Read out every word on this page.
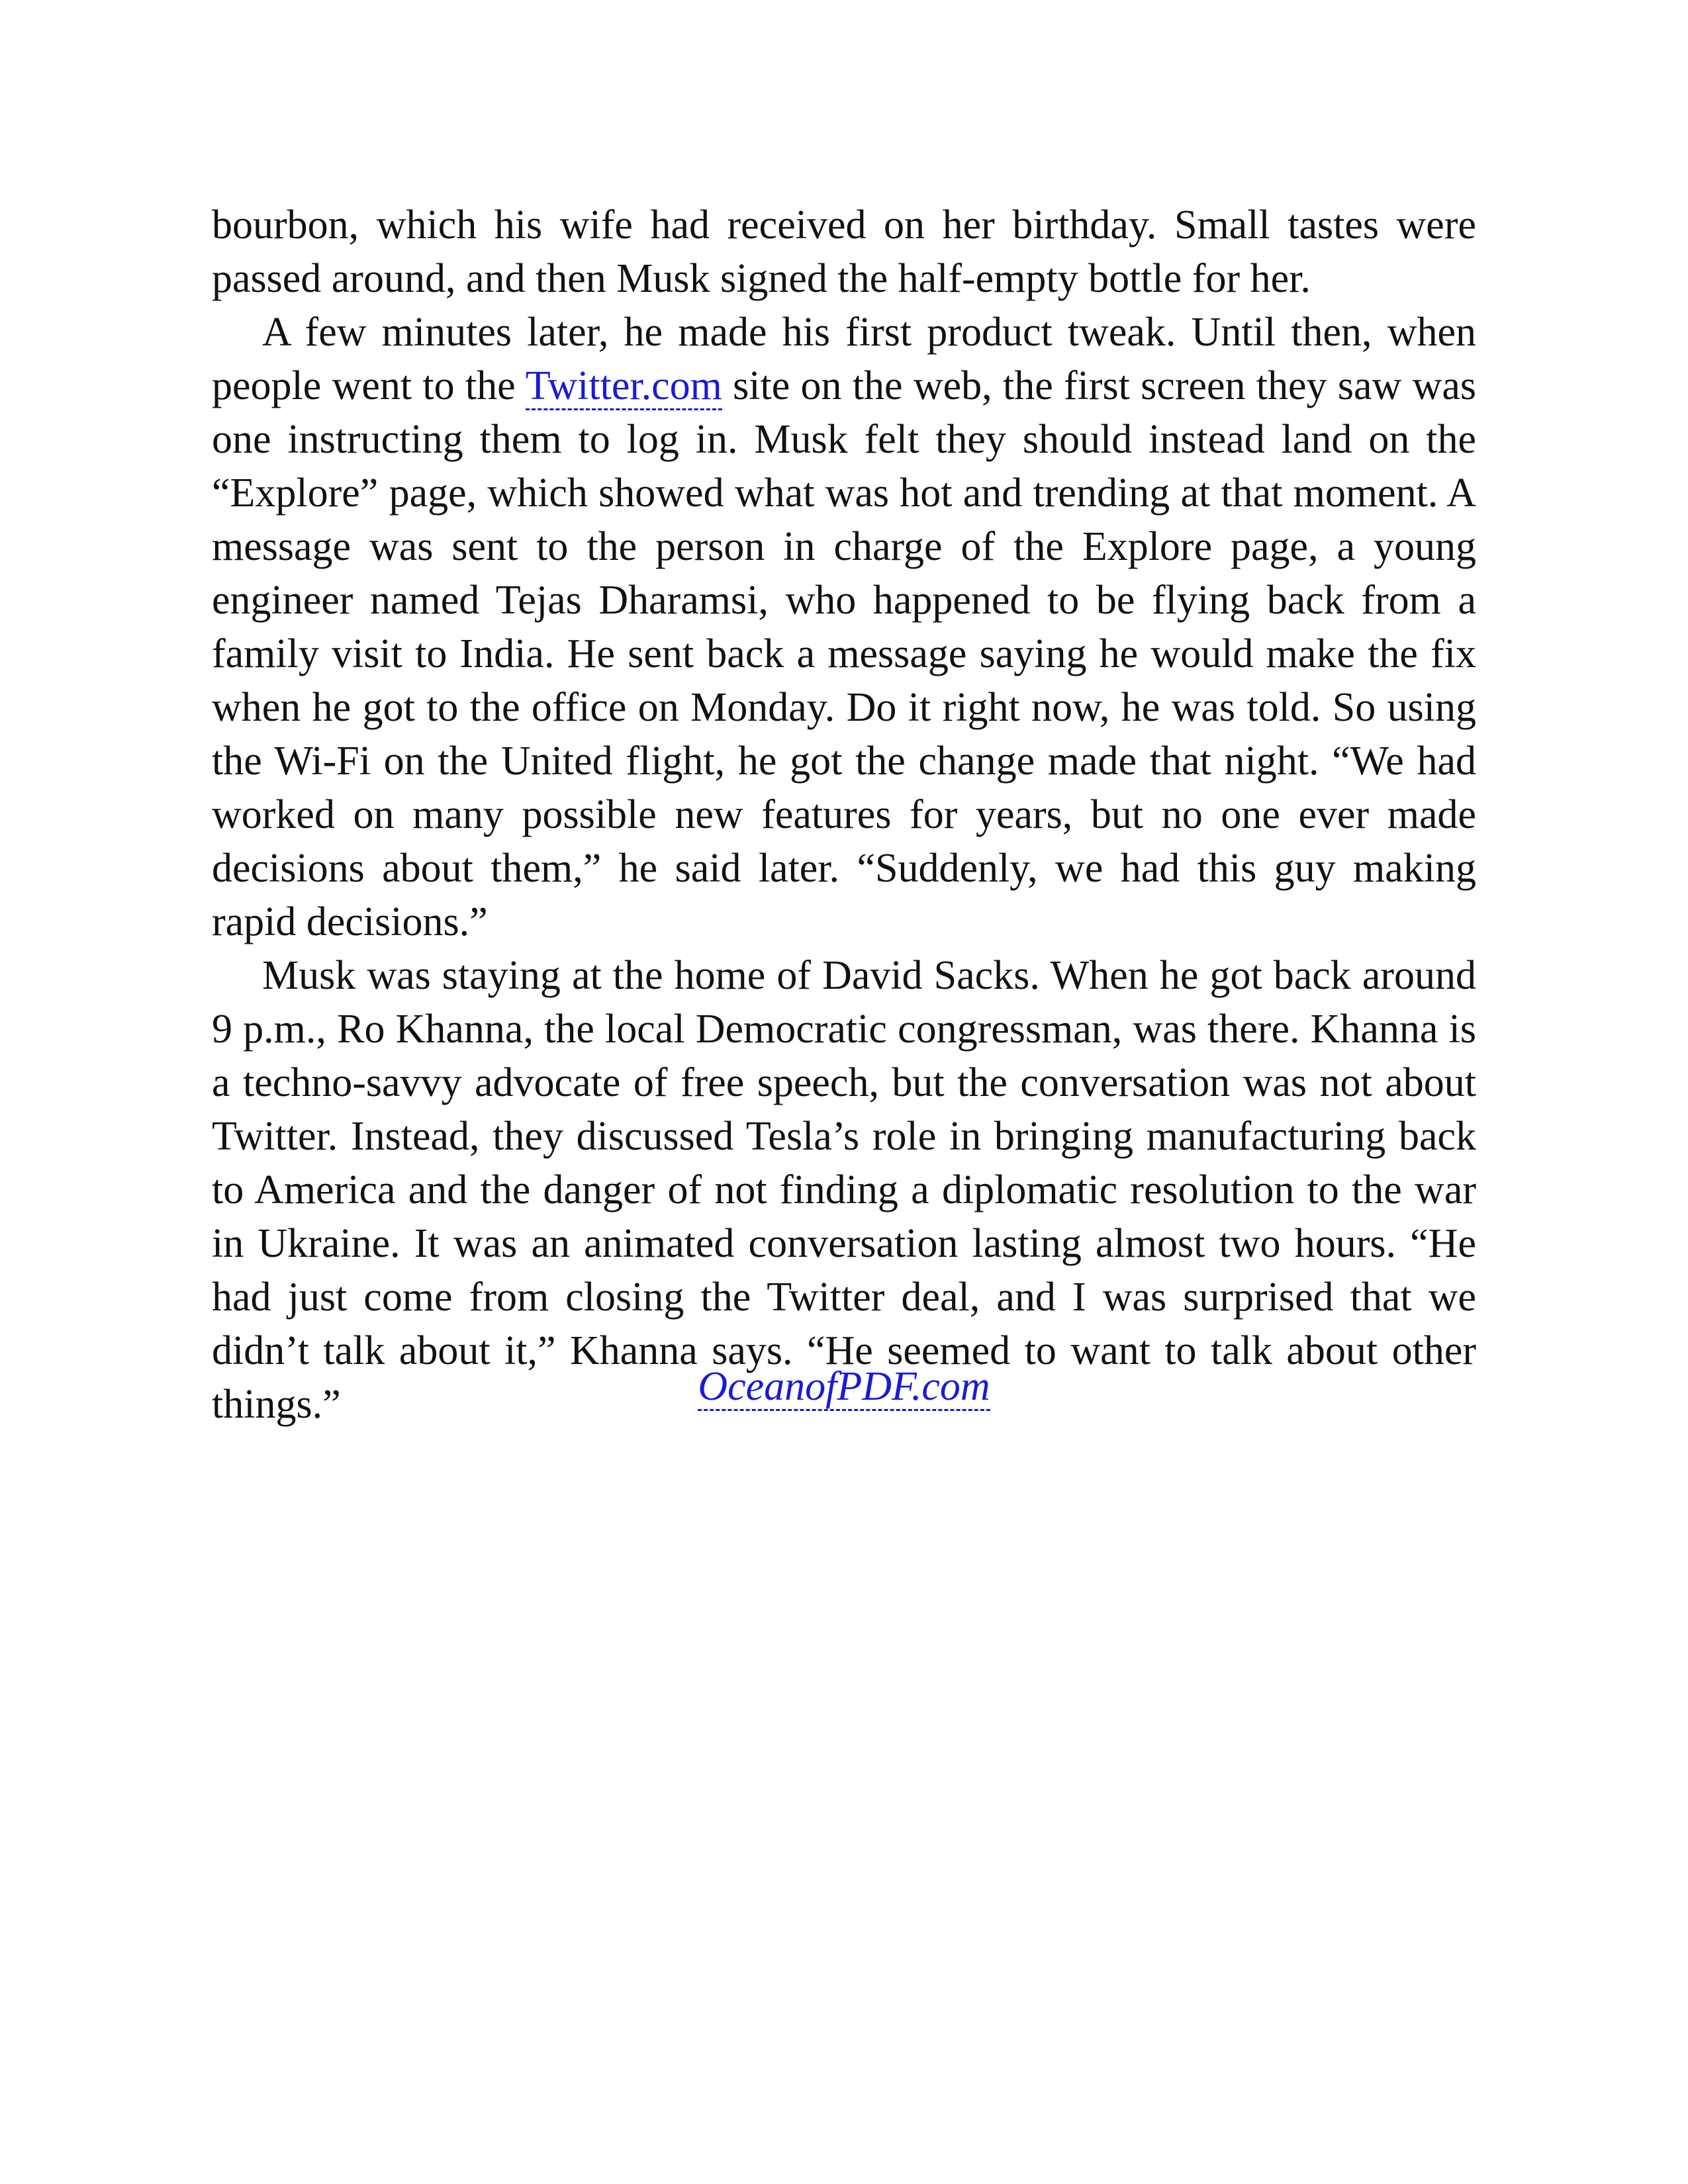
bourbon, which his wife had received on her birthday. Small tastes were passed around, and then Musk signed the half-empty bottle for her.

A few minutes later, he made his first product tweak. Until then, when people went to the Twitter.com site on the web, the first screen they saw was one instructing them to log in. Musk felt they should instead land on the “Explore” page, which showed what was hot and trending at that moment. A message was sent to the person in charge of the Explore page, a young engineer named Tejas Dharamsi, who happened to be flying back from a family visit to India. He sent back a message saying he would make the fix when he got to the office on Monday. Do it right now, he was told. So using the Wi-Fi on the United flight, he got the change made that night. “We had worked on many possible new features for years, but no one ever made decisions about them,” he said later. “Suddenly, we had this guy making rapid decisions.”

Musk was staying at the home of David Sacks. When he got back around 9 p.m., Ro Khanna, the local Democratic congressman, was there. Khanna is a techno-savvy advocate of free speech, but the conversation was not about Twitter. Instead, they discussed Tesla’s role in bringing manufacturing back to America and the danger of not finding a diplomatic resolution to the war in Ukraine. It was an animated conversation lasting almost two hours. “He had just come from closing the Twitter deal, and I was surprised that we didn’t talk about it,” Khanna says. “He seemed to want to talk about other things.”	OceanofPDF.com
